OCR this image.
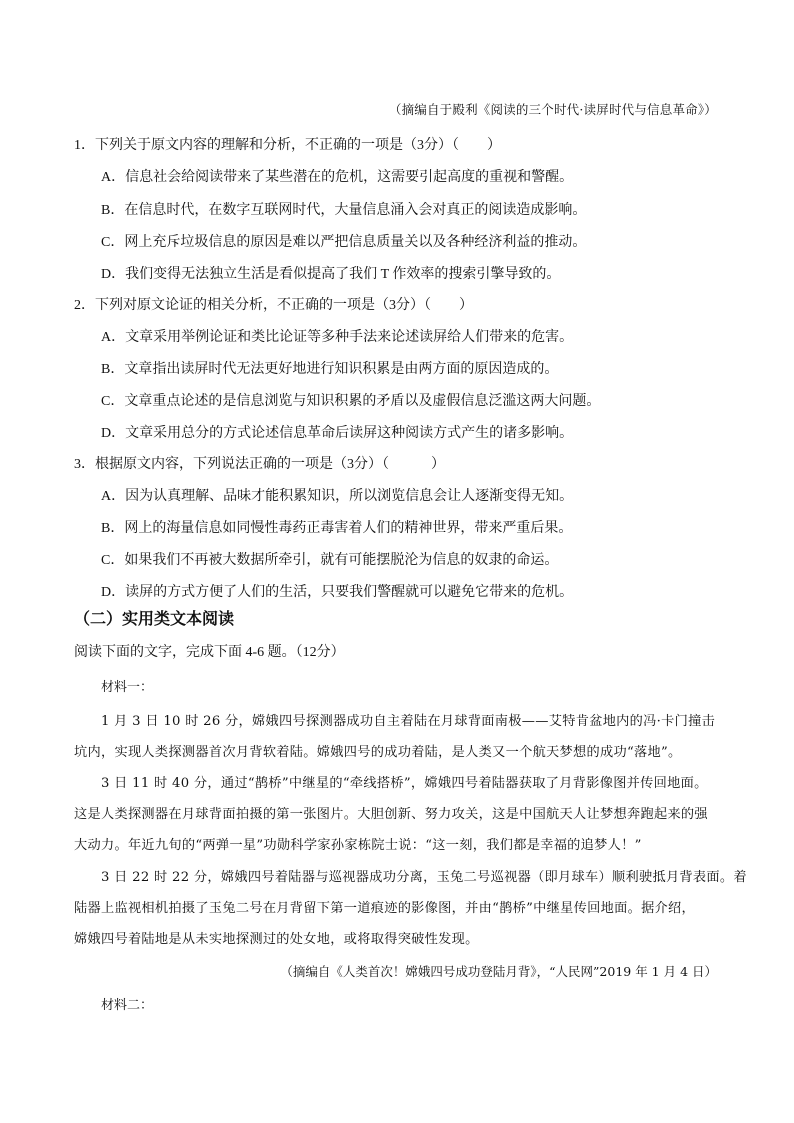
（摘编自于殿利《阅读的三个时代·读屏时代与信息革命》）
1．下列关于原文内容的理解和分析，不正确的一项是（3分）（　　）
A．信息社会给阅读带来了某些潜在的危机，这需要引起高度的重视和警醒。
B．在信息时代，在数字互联网时代，大量信息涌入会对真正的阅读造成影响。
C．网上充斥垃圾信息的原因是难以严把信息质量关以及各种经济利益的推动。
D．我们变得无法独立生活是看似提高了我们 T 作效率的搜索引擎导致的。
2．下列对原文论证的相关分析，不正确的一项是（3分）（　　）
A．文章采用举例论证和类比论证等多种手法来论述读屏给人们带来的危害。
B．文章指出读屏时代无法更好地进行知识积累是由两方面的原因造成的。
C．文章重点论述的是信息浏览与知识积累的矛盾以及虚假信息泛滥这两大问题。
D．文章采用总分的方式论述信息革命后读屏这种阅读方式产生的诸多影响。
3．根据原文内容，下列说法正确的一项是（3分）（　　　）
A．因为认真理解、品味才能积累知识，所以浏览信息会让人逐渐变得无知。
B．网上的海量信息如同慢性毒药正毒害着人们的精神世界，带来严重后果。
C．如果我们不再被大数据所牵引，就有可能摆脱沦为信息的奴隶的命运。
D．读屏的方式方便了人们的生活，只要我们警醒就可以避免它带来的危机。
（二）实用类文本阅读
阅读下面的文字，完成下面 4-6 题。（12分）
材料一：
1 月 3 日 10 时 26 分，嫦娥四号探测器成功自主着陆在月球背面南极——艾特肯盆地内的冯·卡门撞击
坑内，实现人类探测器首次月背软着陆。嫦娥四号的成功着陆，是人类又一个航天梦想的成功“落地”。
3 日 11 时 40 分，通过“鹊桥”中继星的“牵线搭桥”，嫦娥四号着陆器获取了月背影像图并传回地面。
这是人类探测器在月球背面拍摄的第一张图片。大胆创新、努力攻关，这是中国航天人让梦想奔跑起来的强
大动力。年近九旬的“两弹一星”功勋科学家孙家栋院士说：“这一刻，我们都是幸福的追梦人！”
3 日 22 时 22 分，嫦娥四号着陆器与巡视器成功分离，玉兔二号巡视器（即月球车）顺利驶抵月背表面。着
陆器上监视相机拍摄了玉兔二号在月背留下第一道痕迹的影像图，并由“鹊桥”中继星传回地面。据介绍，
嫦娥四号着陆地是从未实地探测过的处女地，或将取得突破性发现。
（摘编自《人类首次！嫦娥四号成功登陆月背》，“人民网”2019 年 1 月 4 日）
材料二：
